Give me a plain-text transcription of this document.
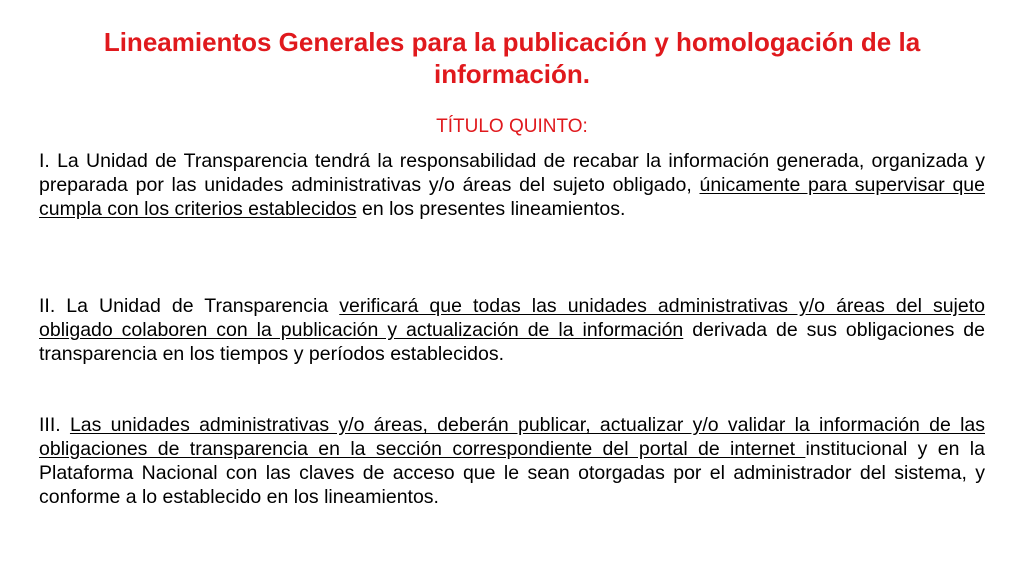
Lineamientos Generales para la publicación y homologación de la información.

TÍTULO QUINTO:

I. La Unidad de Transparencia tendrá la responsabilidad de recabar la información generada, organizada y preparada por las unidades administrativas y/o áreas del sujeto obligado, únicamente para supervisar que cumpla con los criterios establecidos en los presentes lineamientos.

II. La Unidad de Transparencia verificará que todas las unidades administrativas y/o áreas del sujeto obligado colaboren con la publicación y actualización de la información derivada de sus obligaciones de transparencia en los tiempos y períodos establecidos.

III. Las unidades administrativas y/o áreas, deberán publicar, actualizar y/o validar la información de las obligaciones de transparencia en la sección correspondiente del portal de internet institucional y en la Plataforma Nacional con las claves de acceso que le sean otorgadas por el administrador del sistema, y conforme a lo establecido en los lineamientos.
